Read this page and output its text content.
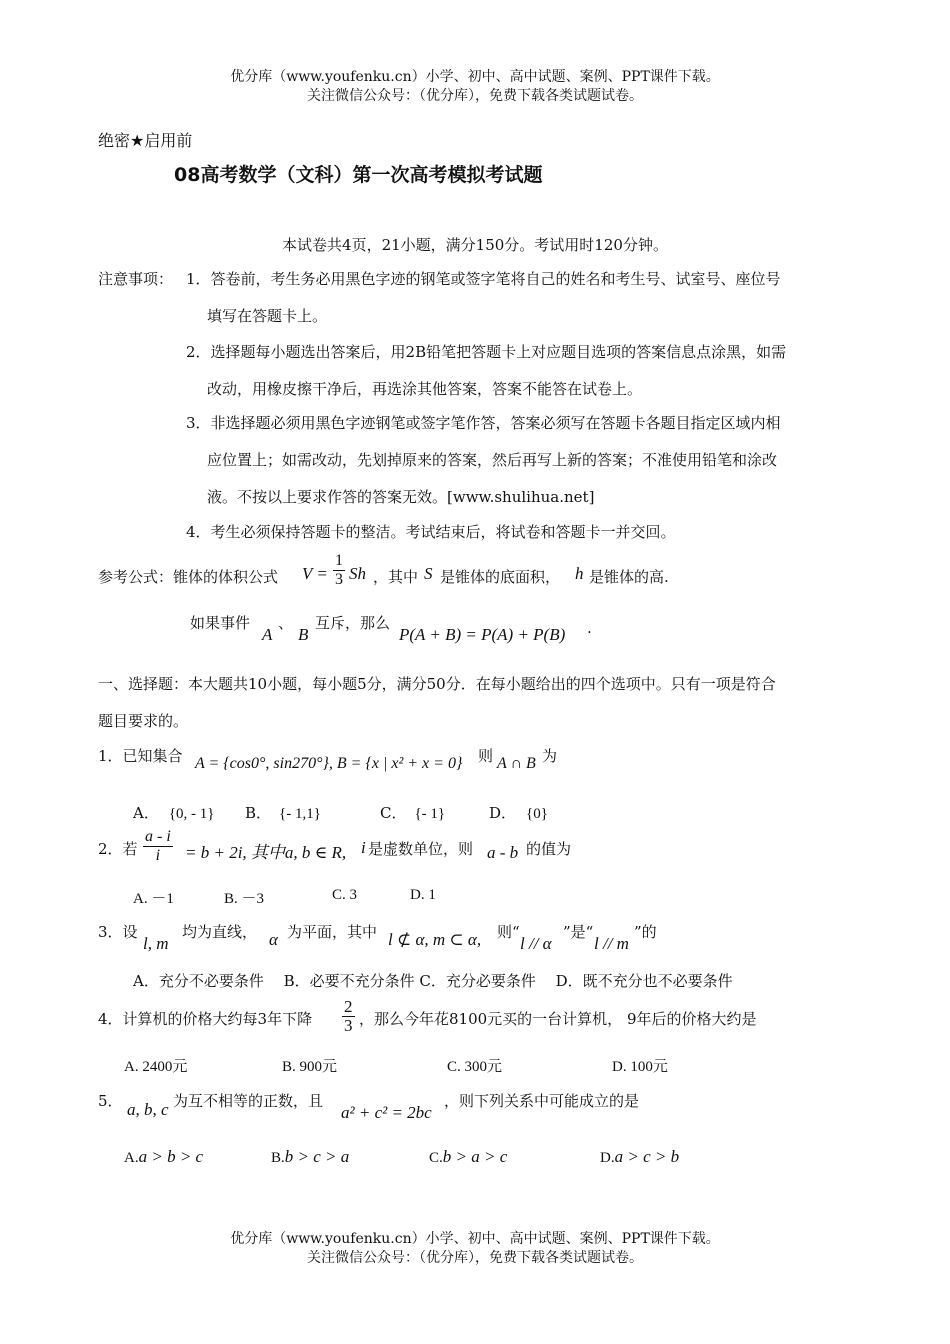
优分库（www.youfenku.cn）小学、初中、高中试题、案例、PPT课件下载。
关注微信公众号：（优分库），免费下载各类试题试卷。
绝密★启用前
08高考数学（文科）第一次高考模拟考试题
本试卷共4页，21小题，满分150分。考试用时120分钟。
注意事项： 1．答卷前，考生务必用黑色字迹的钢笔或签字笔将自己的姓名和考生号、试室号、座位号
填写在答题卡上。
2．选择题每小题选出答案后，用2B铅笔把答题卡上对应题目选项的答案信息点涂黑，如需
改动，用橡皮擦干净后，再选涂其他答案，答案不能答在试卷上。
3．非选择题必须用黑色字迹钢笔或签字笔作答，答案必须写在答题卡各题目指定区域内相
应位置上；如需改动，先划掉原来的答案，然后再写上新的答案；不准使用铅笔和涂改
液。不按以上要求作答的答案无效。[www.shulihua.net]
4．考生必须保持答题卡的整洁。考试结束后，将试卷和答题卡一并交回。
参考公式：锥体的体积公式 $V = \frac{1}{3}$ Sh ，其中 S 是锥体的底面积， h 是锥体的高.
如果事件
A
、
B
互斥，那么
P(A + B) = P(A) + P(B) .
一、选择题：本大题共10小题，每小题5分，满分50分．在每小题给出的四个选项中。只有一项是符合
题目要求的。
1．已知集合 A = {cos0°, sin270°}, B = {x | x² + x = 0} 则 A ∩ B 为
A． {0, - 1} B． {- 1,1}	C． {- 1}	D． {0}
2．若 $\frac{a - i}{i} = b + 2i$, 其中a, b ∈ R, i 是虚数单位，则 a - b 的值为
A. －1	B. －3	C. 3	D. 1
3．设
l, m
均为直线， α 为平面，其中 l ⊄ α, m ⊂ α, 则“
l // α
”是“
l // m
”的
A．充分不必要条件　 B．必要不充分条件 C．充分必要条件　 D．既不充分也不必要条件
4．计算机的价格大约每3年下降 $\frac{2}{3}$ ，那么今年花8100元买的一台计算机， 9年后的价格大约是
A. 2400元	B. 900元	C. 300元	D. 100元
5． a, b, c 为互不相等的正数，且
a² + c² = 2bc
，则下列关系中可能成立的是
A.a > b > c	B.b > c > a	C.b > a > c	D.a > c > b
优分库（www.youfenku.cn）小学、初中、高中试题、案例、PPT课件下载。
关注微信公众号：（优分库），免费下载各类试题试卷。
